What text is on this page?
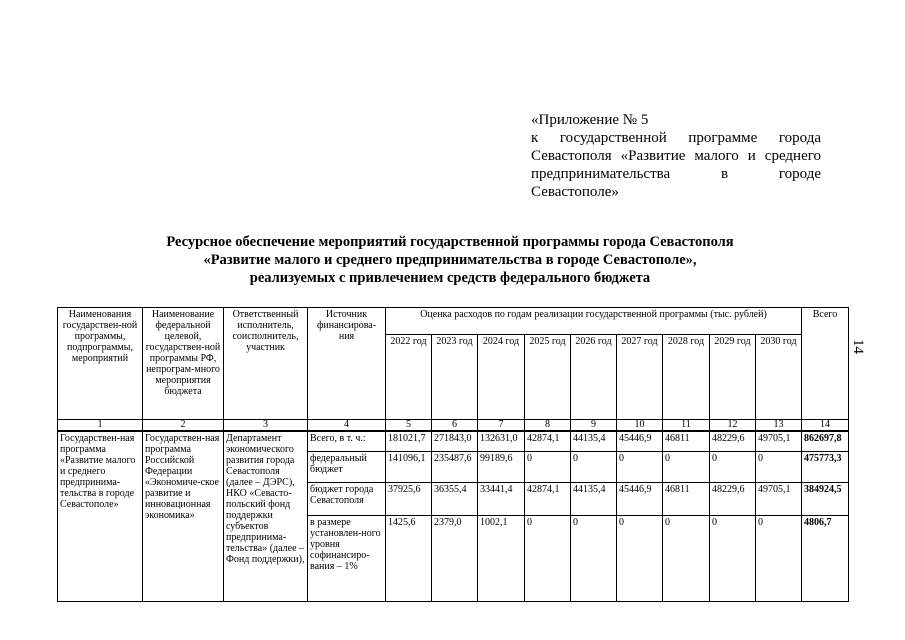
«Приложение № 5
к государственной программе города
Севастополя «Развитие малого и среднего
предпринимательства в городе
Севастополе»
Ресурсное обеспечение мероприятий государственной программы города Севастополя
«Развитие малого и среднего предпринимательства в городе Севастополе»,
реализуемых с привлечением средств федерального бюджета
14
Наименования государствен-ной программы, подпрограммы, мероприятий	Наименование федеральной целевой, государствен-ной программы РФ, непрограм-много мероприятия бюджета	Ответственный исполнитель, соисполнитель, участник	Источник финансирова-ния	Оценка расходов по годам реализации государственной программы (тыс. рублей)									Всего
				2022 год	2023 год	2024 год	2025 год	2026 год	2027 год	2028 год	2029 год	2030 год	
1	2	3	4	5	6	7	8	9	10	11	12	13	14
Государствен-ная программа «Развитие малого и среднего предпринима-тельства в городе Севастополе»	Государствен-ная программа Российской Федерации «Экономиче-ское развитие и инновационная экономика»	Департамент экономического развития города Севастополя (далее – ДЭРС), НКО «Севасто-польский фонд поддержки субъектов предпринима-тельства» (далее – Фонд поддержки),	Всего, в т. ч.:	181021,7	271843,0	132631,0	42874,1	44135,4	45446,9	46811	48229,6	49705,1	862697,8
			федеральный бюджет	141096,1	235487,6	99189,6	0	0	0	0	0	0	475773,3
			бюджет города Севастополя	37925,6	36355,4	33441,4	42874,1	44135,4	45446,9	46811	48229,6	49705,1	384924,5
			в размере установлен-ного уровня софинансиро-вания – 1%	1425,6	2379,0	1002,1	0	0	0	0	0	0	4806,7
